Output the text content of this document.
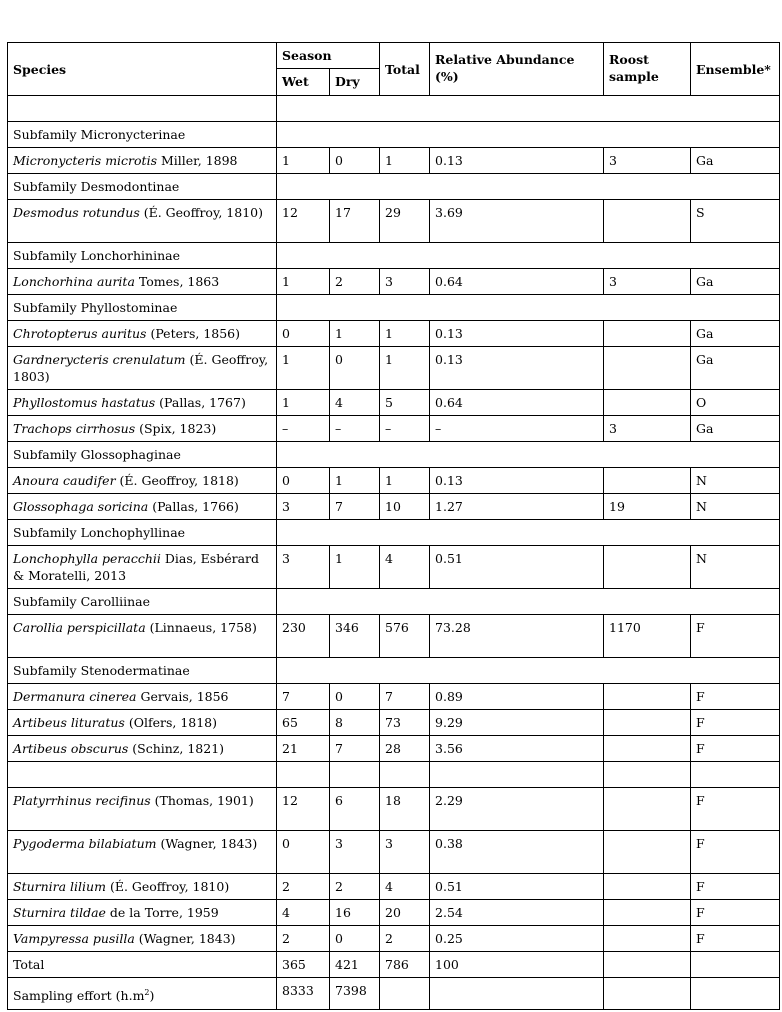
Species	Season		Total	Relative Abundance (%)	Roost sample	Ensemble*
	Wet	Dry				

Subfamily Micronycterinae						
Micronycteris microtis Miller, 1898	1	0	1	0.13	3	Ga
Subfamily Desmodontinae						
Desmodus rotundus (É. Geoffroy, 1810)	12	17	29	3.69		S
Subfamily Lonchorhininae						
Lonchorhina aurita Tomes, 1863	1	2	3	0.64	3	Ga
Subfamily Phyllostominae						
Chrotopterus auritus (Peters, 1856)	0	1	1	0.13		Ga
Gardnerycteris crenulatum (É. Geoffroy, 1803)	1	0	1	0.13		Ga
Phyllostomus hastatus (Pallas, 1767)	1	4	5	0.64		O
Trachops cirrhosus (Spix, 1823)	–	–	–	–	3	Ga
Subfamily Glossophaginae						
Anoura caudifer (É. Geoffroy, 1818)	0	1	1	0.13		N
Glossophaga soricina (Pallas, 1766)	3	7	10	1.27	19	N
Subfamily Lonchophyllinae						
Lonchophylla peracchii Dias, Esbérard & Moratelli, 2013	3	1	4	0.51		N
Subfamily Carolliinae						
Carollia perspicillata (Linnaeus, 1758)	230	346	576	73.28	1170	F
Subfamily Stenodermatinae						
Dermanura cinerea Gervais, 1856	7	0	7	0.89		F
Artibeus lituratus (Olfers, 1818)	65	8	73	9.29		F
Artibeus obscurus (Schinz, 1821)	21	7	28	3.56		F

Platyrrhinus recifinus (Thomas, 1901)	12	6	18	2.29		F
Pygoderma bilabiatum (Wagner, 1843)	0	3	3	0.38		F
Sturnira lilium (É. Geoffroy, 1810)	2	2	4	0.51		F
Sturnira tildae de la Torre, 1959	4	16	20	2.54		F
Vampyressa pusilla (Wagner, 1843)	2	0	2	0.25		F
Total	365	421	786	100		
Sampling effort $(h.m^2)$	8333	7398				
